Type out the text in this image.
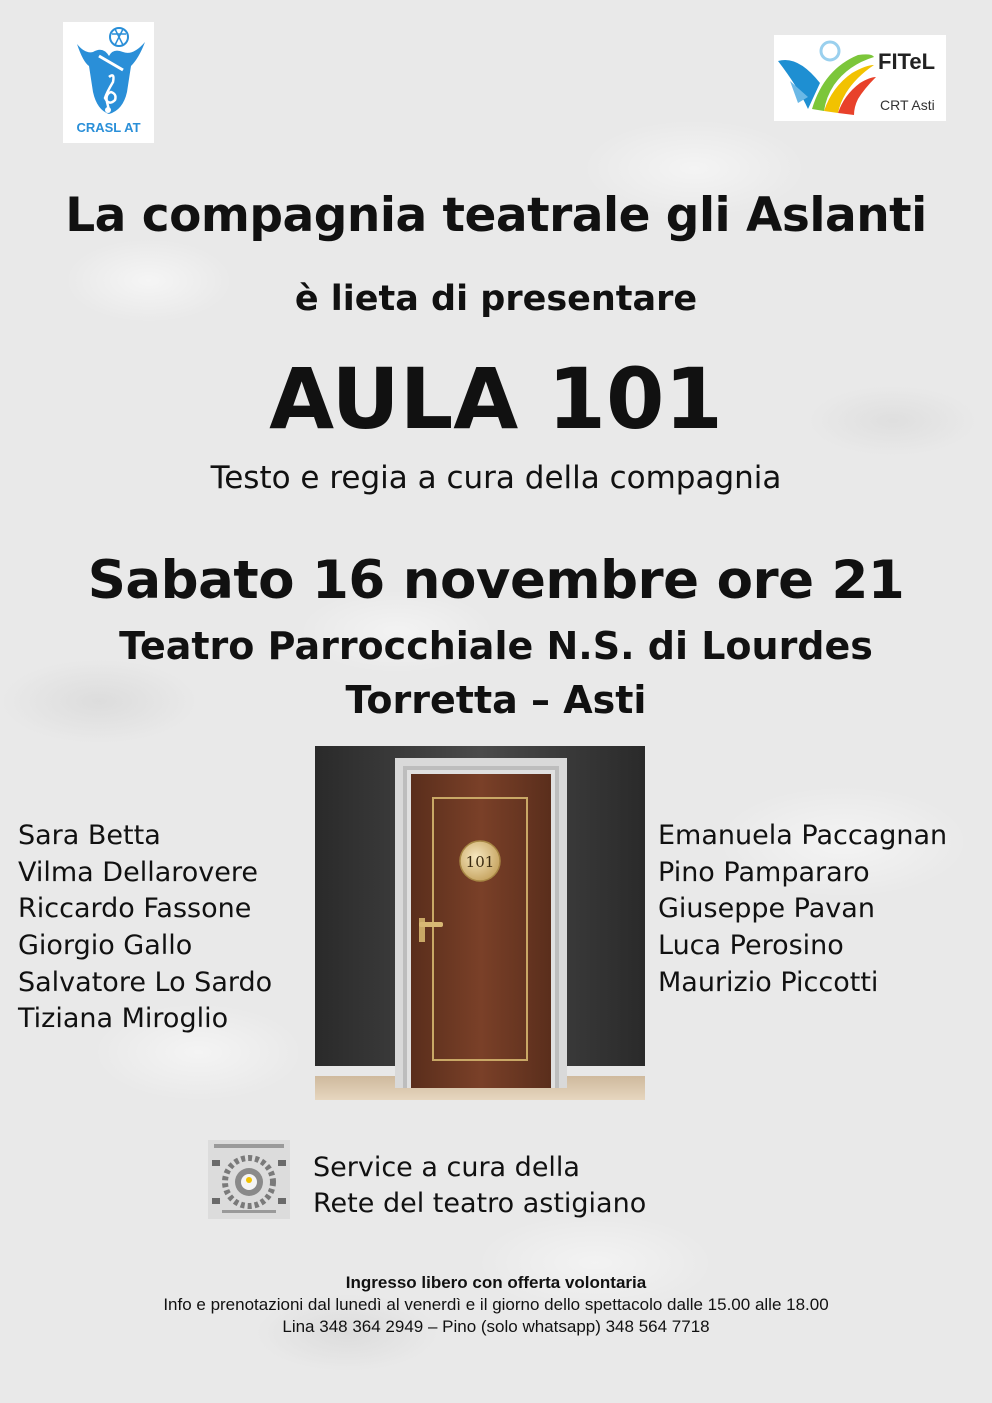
CRASL AT
FITeL
CRT Asti
La compagnia teatrale gli Aslanti
è lieta di presentare
AULA 101
Testo e regia a cura della compagnia
Sabato 16 novembre ore 21
Teatro Parrocchiale N.S. di Lourdes
Torretta – Asti
101
Sara Betta
Vilma Dellarovere
Riccardo Fassone
Giorgio Gallo
Salvatore Lo Sardo
Tiziana Miroglio
Emanuela Paccagnan
Pino Pampararo
Giuseppe Pavan
Luca Perosino
Maurizio Piccotti
Service a cura della
Rete del teatro astigiano
Ingresso libero con offerta volontaria
Info e prenotazioni dal lunedì al venerdì e il giorno dello spettacolo dalle 15.00 alle 18.00
Lina 348 364 2949 – Pino (solo whatsapp) 348 564 7718
